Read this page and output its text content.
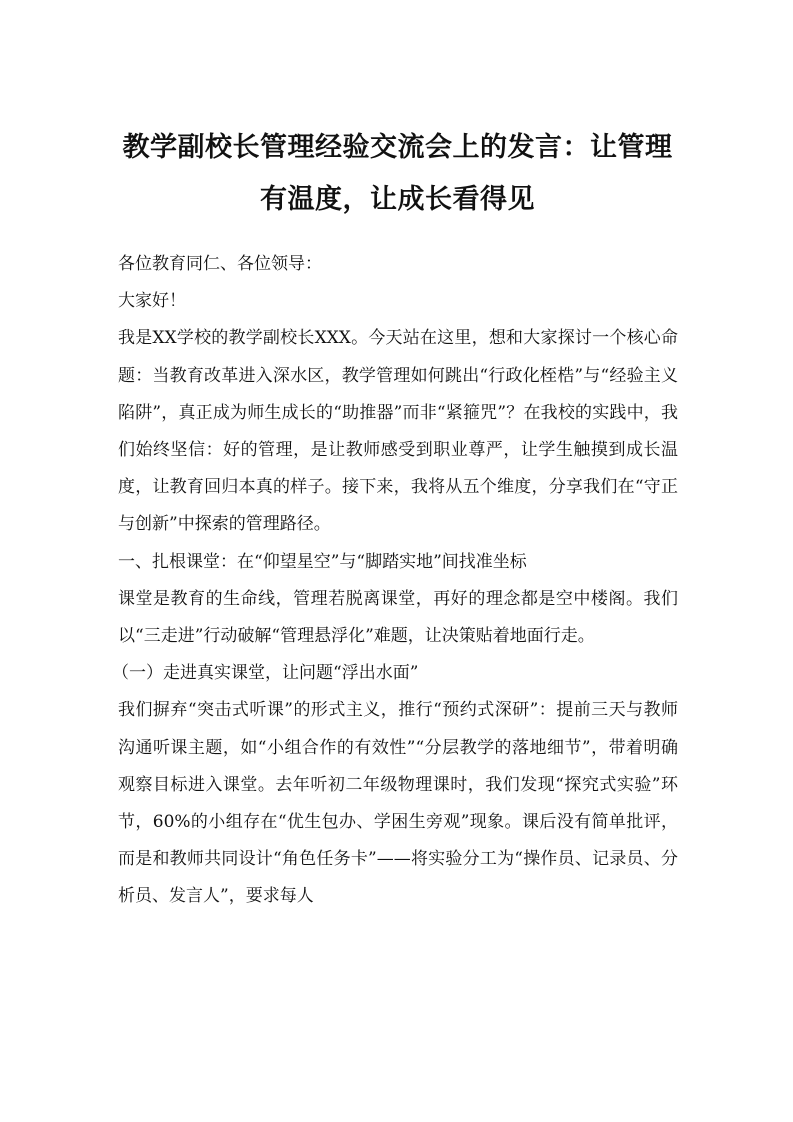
教学副校长管理经验交流会上的发言：让管理有温度，让成长看得见

各位教育同仁、各位领导：

大家好！

我是XX学校的教学副校长XXX。今天站在这里，想和大家探讨一个核心命题：当教育改革进入深水区，教学管理如何跳出“行政化桎梏”与“经验主义陷阱”，真正成为师生成长的“助推器”而非“紧箍咒”？在我校的实践中，我们始终坚信：好的管理，是让教师感受到职业尊严，让学生触摸到成长温度，让教育回归本真的样子。接下来，我将从五个维度，分享我们在“守正与创新”中探索的管理路径。

一、扎根课堂：在“仰望星空”与“脚踏实地”间找准坐标

课堂是教育的生命线，管理若脱离课堂，再好的理念都是空中楼阁。我们以“三走进”行动破解“管理悬浮化”难题，让决策贴着地面行走。

（一）走进真实课堂，让问题“浮出水面”

我们摒弃“突击式听课”的形式主义，推行“预约式深研”：提前三天与教师沟通听课主题，如“小组合作的有效性”“分层教学的落地细节”，带着明确观察目标进入课堂。去年听初二年级物理课时，我们发现“探究式实验”环节，60%的小组存在“优生包办、学困生旁观”现象。课后没有简单批评，而是和教师共同设计“角色任务卡”——将实验分工为“操作员、记录员、分析员、发言人”，要求每人
